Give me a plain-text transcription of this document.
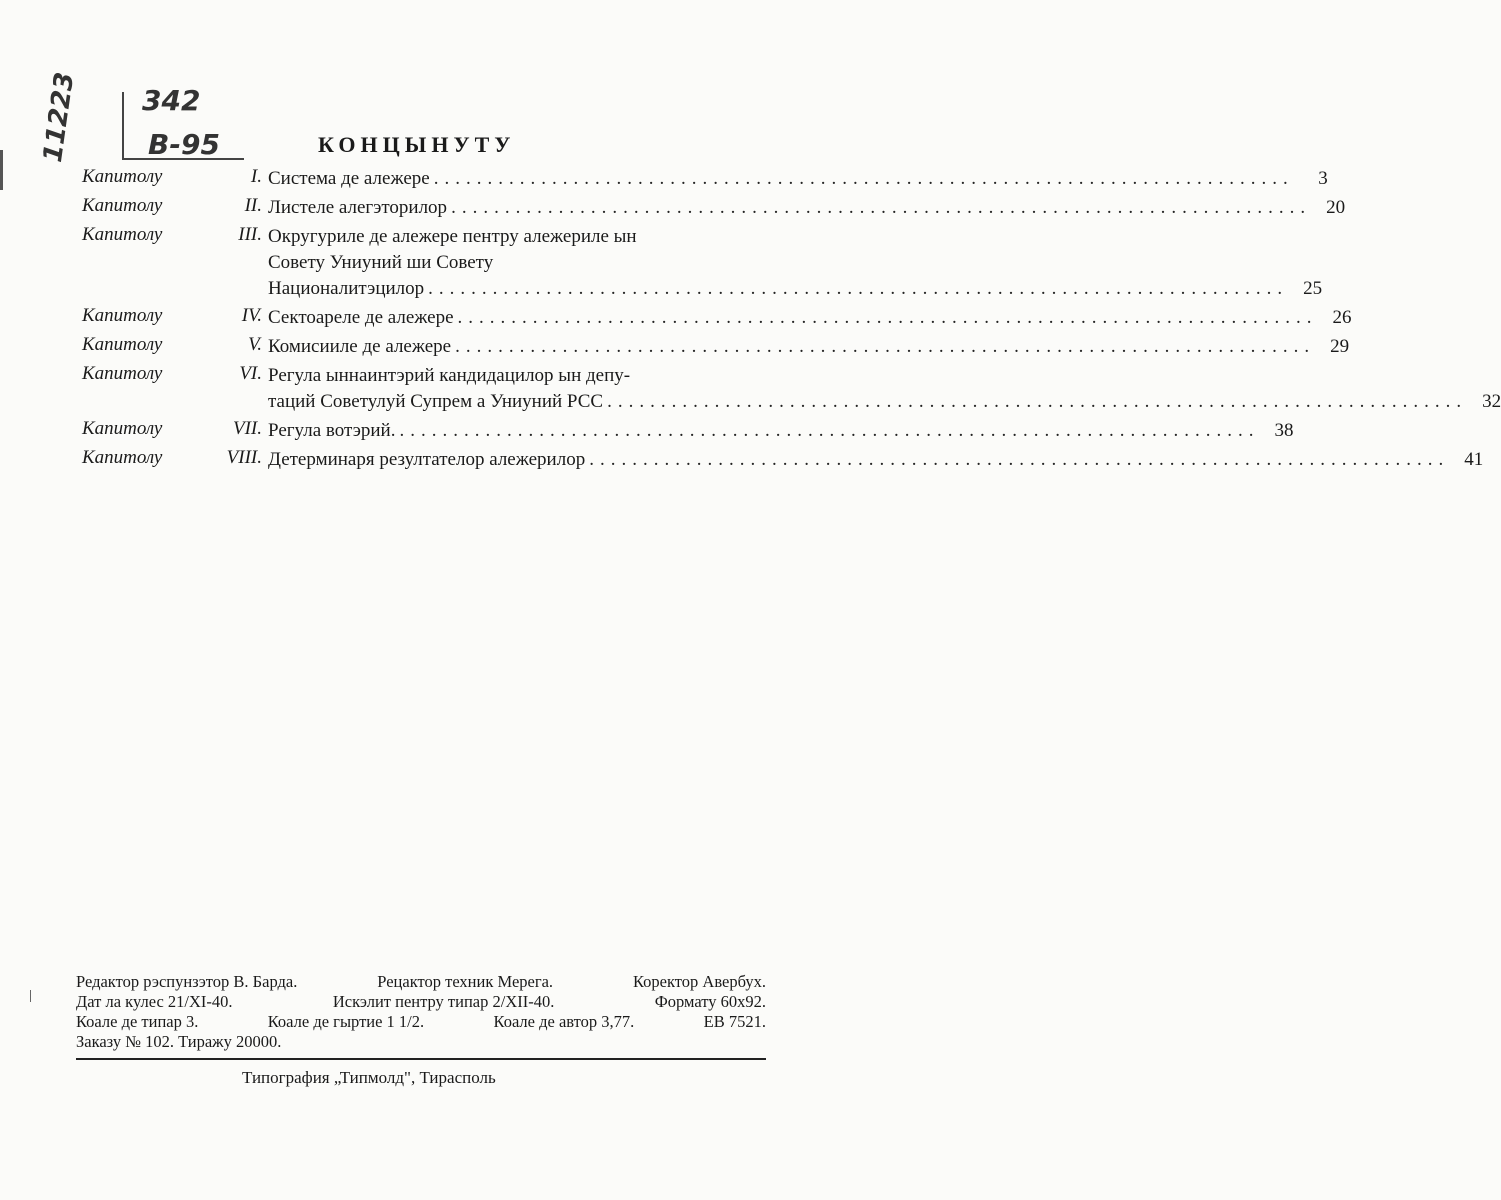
11223 342
В-95	КОНЦЫНУТУ
Капитолу	I. Система де алежере ................................................................................	3
Капитолу	II. Листеле алегэторилор ................................................................................ 20
Капитолу	III. Округуриле де алежере пентру алежериле ын
Совету Униуний ши Совету
Националитэцилор ................................................................................ 25
Капитолу	IV. Сектоареле де алежере ................................................................................ 26
Капитолу	V. Комисииле де алежере ................................................................................ 29
Капитолу	VI. Регула ыннаинтэрий кандидацилор ын депу-
таций Советулуй Супрем а Униуний РСС ................................................................................ 32
Капитолу	VII. Регула вотэрий. ................................................................................ 38
Капитолу	VIII. Детерминаря резултателор алежерилор ................................................................................ 41
Редактор рэспунзэтор В. Барда.	Рецактор техник Мерега.	Коректор Авербух.
Дат ла кулес 21/XI-40.	Искэлит пентру типар 2/XII-40.	Формату 60х92.
Коале де типар 3.	Коале де гыртие 1 1/2.	Коале де автор 3,77.	ЕВ 7521.
Заказу № 102. Тиражу 20000.
Типография „Типмолд", Тирасполь
